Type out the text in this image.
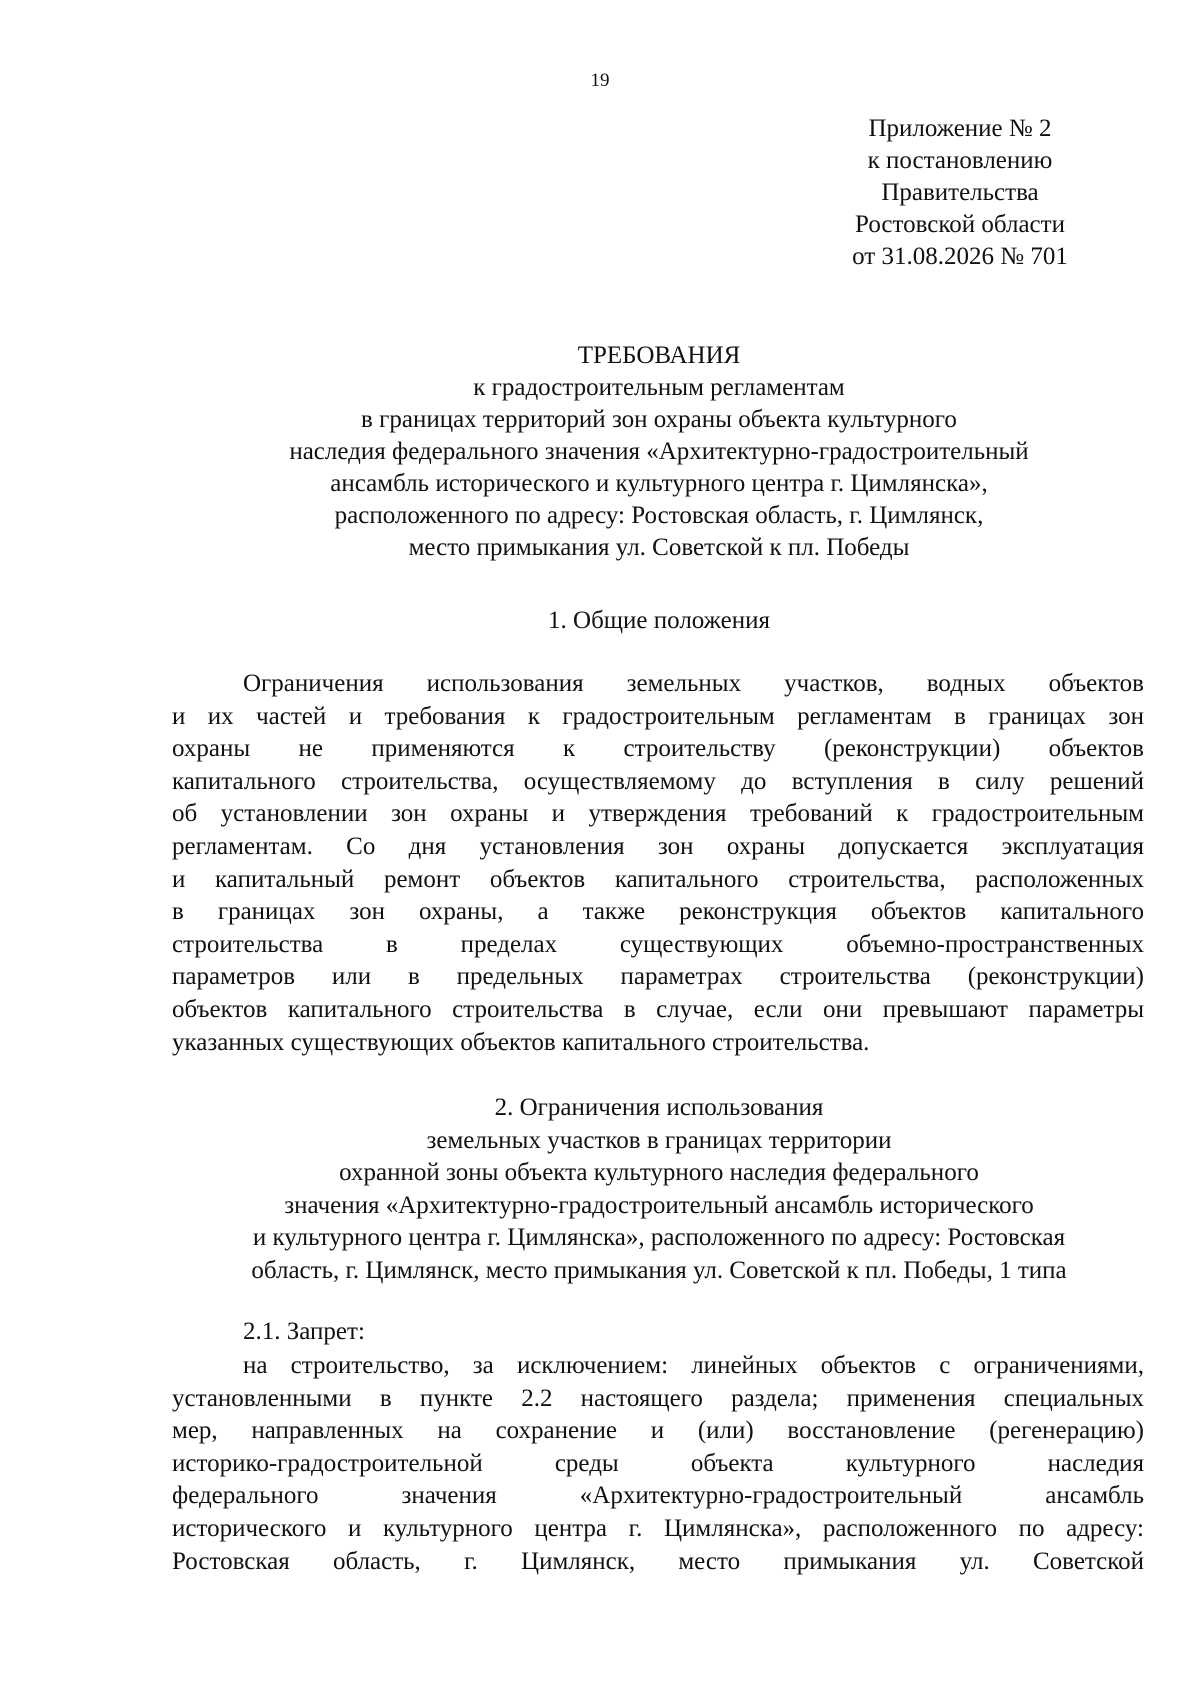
19
Приложение № 2
к постановлению
Правительства
Ростовской области
от 31.08.2026 № 701
ТРЕБОВАНИЯ
к градостроительным регламентам
в границах территорий зон охраны объекта культурного
наследия федерального значения «Архитектурно-градостроительный
ансамбль исторического и культурного центра г. Цимлянска»,
расположенного по адресу: Ростовская область, г. Цимлянск,
место примыкания ул. Советской к пл. Победы
1. Общие положения
Ограничения использования земельных участков, водных объектов
и их частей и требования к градостроительным регламентам в границах зон
охраны не применяются к строительству (реконструкции) объектов
капитального строительства, осуществляемому до вступления в силу решений
об установлении зон охраны и утверждения требований к градостроительным
регламентам. Со дня установления зон охраны допускается эксплуатация
и капитальный ремонт объектов капитального строительства, расположенных
в границах зон охраны, а также реконструкция объектов капитального
строительства в пределах существующих объемно-пространственных
параметров или в предельных параметрах строительства (реконструкции)
объектов капитального строительства в случае, если они превышают параметры
указанных существующих объектов капитального строительства.
2. Ограничения использования
земельных участков в границах территории
охранной зоны объекта культурного наследия федерального
значения «Архитектурно-градостроительный ансамбль исторического
и культурного центра г. Цимлянска», расположенного по адресу: Ростовская
область, г. Цимлянск, место примыкания ул. Советской к пл. Победы, 1 типа
2.1. Запрет:
на строительство, за исключением: линейных объектов с ограничениями,
установленными в пункте 2.2 настоящего раздела; применения специальных
мер, направленных на сохранение и (или) восстановление (регенерацию)
историко-градостроительной среды объекта культурного наследия
федерального значения «Архитектурно-градостроительный ансамбль
исторического и культурного центра г. Цимлянска», расположенного по адресу:
Ростовская область, г. Цимлянск, место примыкания ул. Советской
